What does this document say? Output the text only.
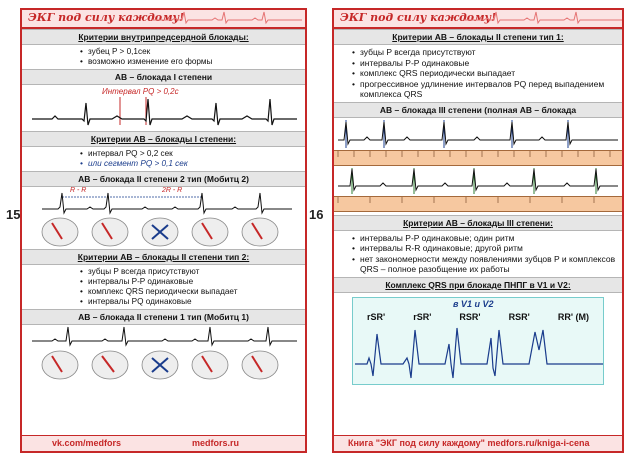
15	16
ЭКГ под силу каждому!
Критерии внутрипредсердной блокады:
• зубец P > 0,1сек
• возможно изменение его формы
АВ – блокада I степени
Интервал PQ > 0,2с
Критерии АВ – блокады I степени:
• интервал PQ > 0,2 сек
• или сегмент PQ > 0,1 сек
АВ – блокада II степени 2 тип (Мобитц 2)
R - R	2R - R
Критерии АВ – блокады II степени тип 2:
• зубцы P всегда присутствуют
• интервалы P-P одинаковые
• комплекс QRS периодически выпадает
• интервалы PQ одинаковые
АВ – блокада II степени 1 тип (Мобитц 1)
vk.com/medfors	medfors.ru
ЭКГ под силу каждому!
Критерии АВ – блокады II степени тип 1:
• зубцы P всегда присутствуют
• интервалы P-P одинаковые
• комплекс QRS периодически выпадает
• прогрессивное удлинение интервалов PQ перед выпадением комплекса QRS
АВ – блокада III степени (полная АВ – блокада
Критерии АВ – блокады III степени:
• интервалы P-P одинаковые; один ритм
• интервалы R-R одинаковые; другой ритм
• нет закономерности между появлениями зубцов P и комплексов QRS – полное разобщение их работы
Комплекс QRS при блокаде ПНПГ в V1 и V2:
в V1 и V2
rSR'	rSR'	RSR'	RSR'	RR' (M)
Книга "ЭКГ под силу каждому" medfors.ru/kniga-i-cena
